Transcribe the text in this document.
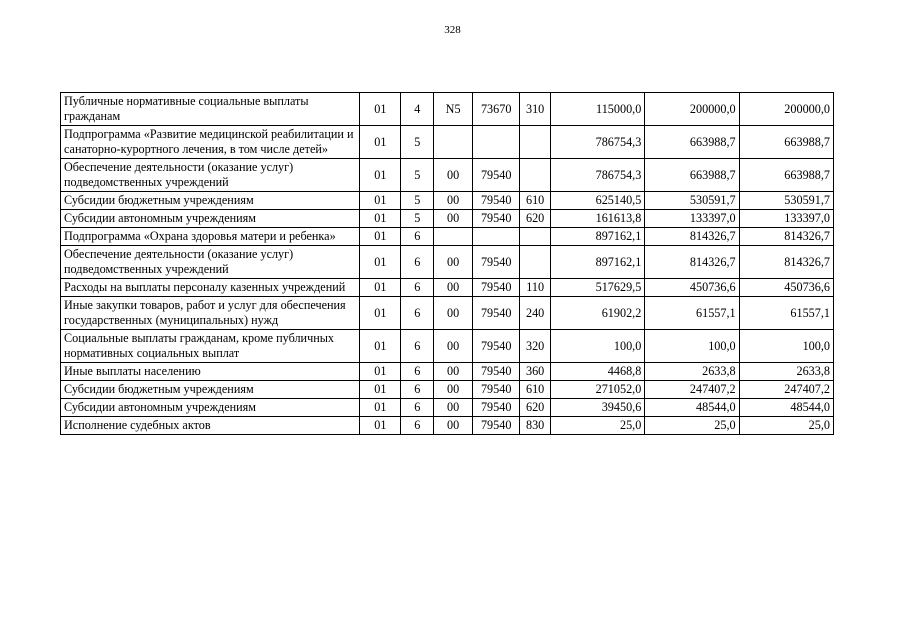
328
Публичные нормативные социальные выплаты гражданам	01	4	N5	73670	310	115000,0	200000,0	200000,0
Подпрограмма «Развитие медицинской реабилитации и санаторно-курортного лечения, в том числе детей»	01	5				786754,3	663988,7	663988,7
Обеспечение деятельности (оказание услуг) подведомственных учреждений	01	5	00	79540		786754,3	663988,7	663988,7
Субсидии бюджетным учреждениям	01	5	00	79540	610	625140,5	530591,7	530591,7
Субсидии автономным учреждениям	01	5	00	79540	620	161613,8	133397,0	133397,0
Подпрограмма «Охрана здоровья матери и ребенка»	01	6				897162,1	814326,7	814326,7
Обеспечение деятельности (оказание услуг) подведомственных учреждений	01	6	00	79540		897162,1	814326,7	814326,7
Расходы на выплаты персоналу казенных учреждений	01	6	00	79540	110	517629,5	450736,6	450736,6
Иные закупки товаров, работ и услуг для обеспечения государственных (муниципальных) нужд	01	6	00	79540	240	61902,2	61557,1	61557,1
Социальные выплаты гражданам, кроме публичных нормативных социальных выплат	01	6	00	79540	320	100,0	100,0	100,0
Иные выплаты населению	01	6	00	79540	360	4468,8	2633,8	2633,8
Субсидии бюджетным учреждениям	01	6	00	79540	610	271052,0	247407,2	247407,2
Субсидии автономным учреждениям	01	6	00	79540	620	39450,6	48544,0	48544,0
Исполнение судебных актов	01	6	00	79540	830	25,0	25,0	25,0
